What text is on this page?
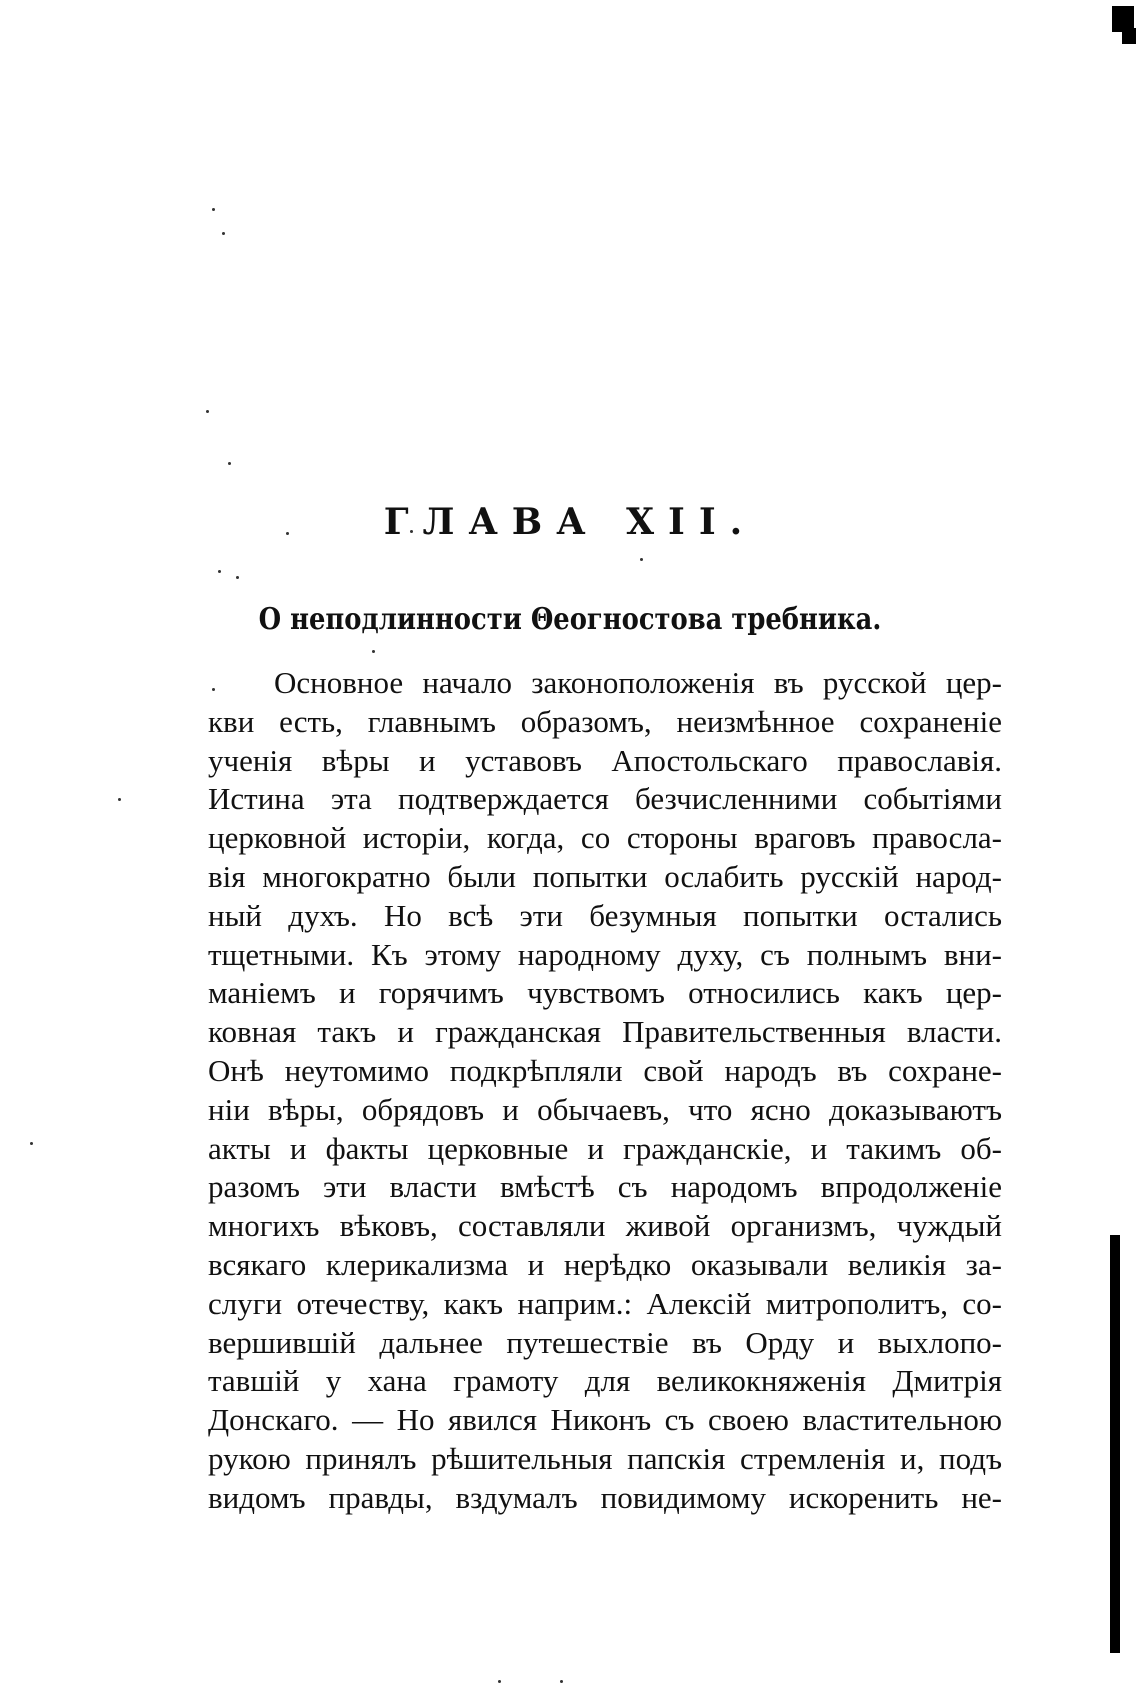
ГЛАВА XII.
О неподлинности Θеогностова требника.
Основное начало законоположенія въ русской цер-
кви есть, главнымъ образомъ, неизмѣнное сохраненіе
ученія вѣры и уставовъ Апостольскаго православія.
Истина эта подтверждается безчисленними событіями
церковной исторіи, когда, со стороны враговъ правосла-
вія многократно были попытки ослабить русскій народ-
ный духъ. Но всѣ эти безумныя попытки остались
тщетными. Къ этому народному духу, съ полнымъ вни-
маніемъ и горячимъ чувствомъ относились какъ цер-
ковная такъ и гражданская Правительственныя власти.
Онѣ неутомимо подкрѣпляли свой народъ въ сохране-
ніи вѣры, обрядовъ и обычаевъ, что ясно доказываютъ
акты и факты церковные и гражданскіе, и такимъ об-
разомъ эти власти вмѣстѣ съ народомъ впродолженіе
многихъ вѣковъ, составляли живой организмъ, чуждый
всякаго клерикализма и нерѣдко оказывали великія за-
слуги отечеству, какъ наприм.: Алексій митрополитъ, со-
вершившій дальнее путешествіе въ Орду и выхлопо-
тавшій у хана грамоту для великокняженія Дмитрія
Донскаго. — Но явился Никонъ съ своею властительною
рукою принялъ рѣшительныя папскія стремленія и, подъ
видомъ правды, вздумалъ повидимому искоренить не-
